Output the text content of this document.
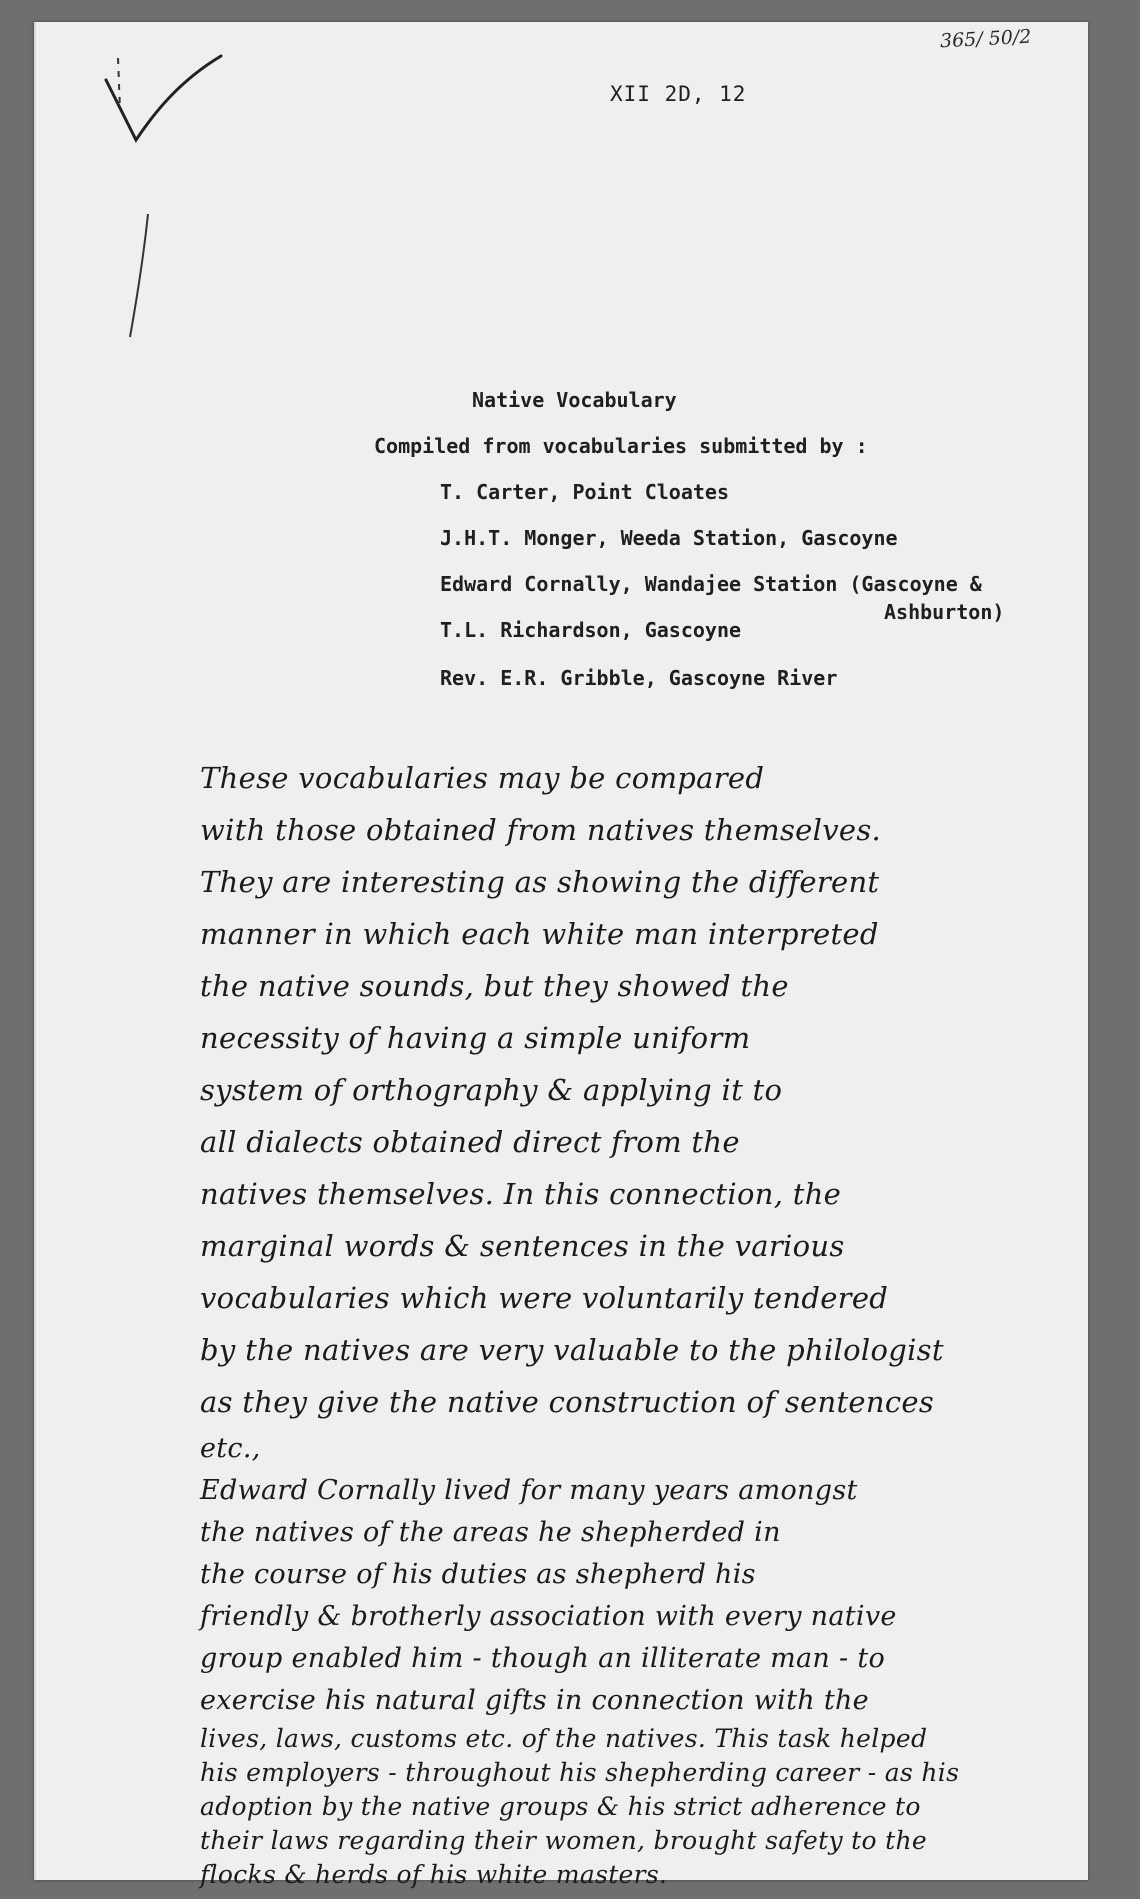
365/ 50/2
XII 2D, 12
Native Vocabulary
Compiled from vocabularies submitted by :
T. Carter, Point Cloates
J.H.T. Monger, Weeda Station, Gascoyne
Edward Cornally, Wandajee Station (Gascoyne &
Ashburton)
T.L. Richardson, Gascoyne
Rev. E.R. Gribble, Gascoyne River
These vocabularies may be compared
with those obtained from natives themselves.
They are interesting as showing the different
manner in which each white man interpreted
the native sounds, but they showed the
necessity of having a simple uniform
system of orthography & applying it to
all dialects obtained direct from the
natives themselves. In this connection, the
marginal words & sentences in the various
vocabularies which were voluntarily tendered
by the natives are very valuable to the philologist
as they give the native construction of sentences
etc.,
Edward Cornally lived for many years amongst
the natives of the areas he shepherded in
the course of his duties as shepherd his
friendly & brotherly association with every native
group enabled him - though an illiterate man - to
exercise his natural gifts in connection with the
lives, laws, customs etc. of the natives. This task helped
his employers - throughout his shepherding career - as his
adoption by the native groups & his strict adherence to
their laws regarding their women, brought safety to the
flocks & herds of his white masters.
